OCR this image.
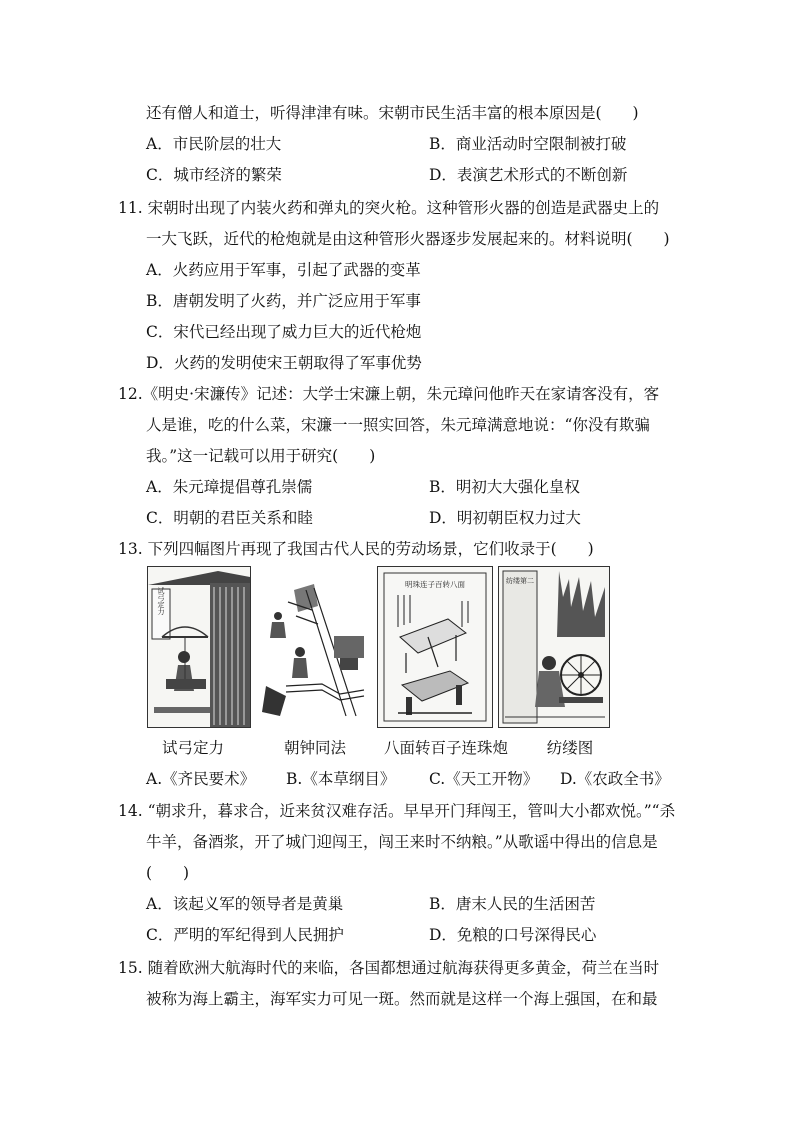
还有僧人和道士，听得津津有味。宋朝市民生活丰富的根本原因是(　　)
A．市民阶层的壮大	B．商业活动时空限制被打破
C．城市经济的繁荣	D．表演艺术形式的不断创新
11. 宋朝时出现了内装火药和弹丸的突火枪。这种管形火器的创造是武器史上的
一大飞跃，近代的枪炮就是由这种管形火器逐步发展起来的。材料说明(　　)
A．火药应用于军事，引起了武器的变革
B．唐朝发明了火药，并广泛应用于军事
C．宋代已经出现了威力巨大的近代枪炮
D．火药的发明使宋王朝取得了军事优势
12.《明史·宋濂传》记述：大学士宋濂上朝，朱元璋问他昨天在家请客没有，客
人是谁，吃的什么菜，宋濂一一照实回答，朱元璋满意地说：“你没有欺骗
我。”这一记载可以用于研究(　　)
A．朱元璋提倡尊孔崇儒	B．明初大大强化皇权
C．明朝的君臣关系和睦	D．明初朝臣权力过大
13. 下列四幅图片再现了我国古代人民的劳动场景，它们收录于(　　)
试弓定力
明珠连子百转八面	纺缕第二
试弓定力	朝钟同法	八面转百子连珠炮	纺缕图
A.《齐民要术》 B.《本草纲目》 C.《天工开物》 D.《农政全书》
14. “朝求升，暮求合，近来贫汉难存活。早早开门拜闯王，管叫大小都欢悦。”“杀
牛羊，备酒浆，开了城门迎闯王，闯王来时不纳粮。”从歌谣中得出的信息是
(　　)
A．该起义军的领导者是黄巢	B．唐末人民的生活困苦
C．严明的军纪得到人民拥护	D．免粮的口号深得民心
15. 随着欧洲大航海时代的来临，各国都想通过航海获得更多黄金，荷兰在当时
被称为海上霸主，海军实力可见一斑。然而就是这样一个海上强国，在和最
